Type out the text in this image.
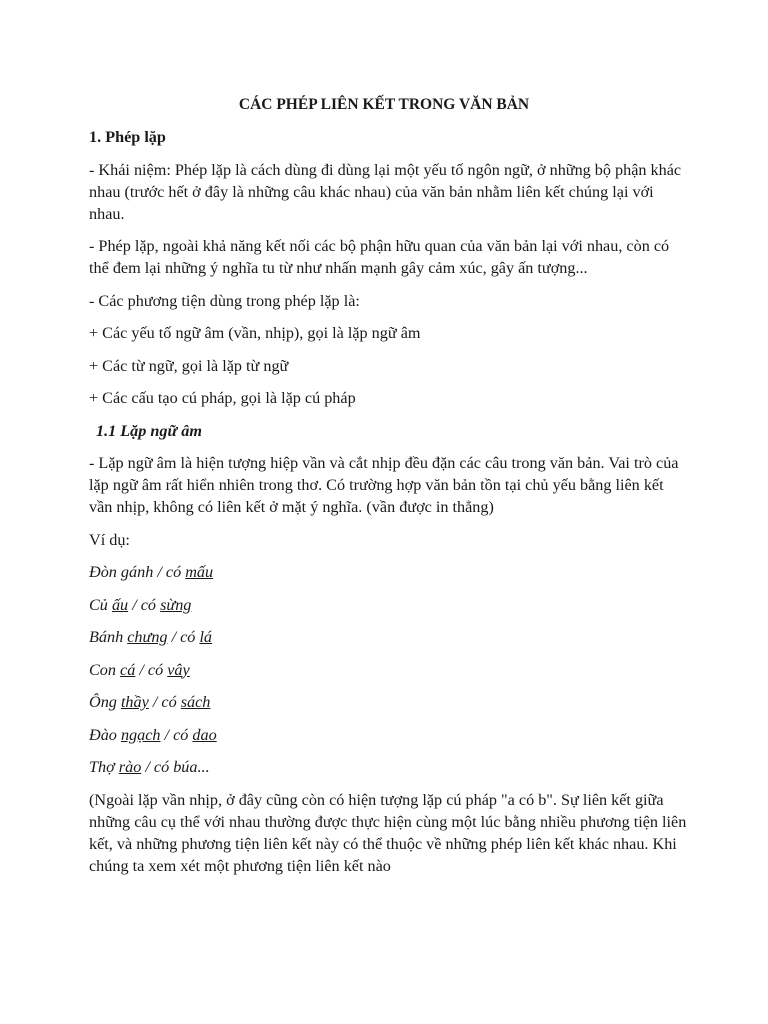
CÁC PHÉP LIÊN KẾT TRONG VĂN BẢN

1. Phép lặp

- Khái niệm: Phép lặp là cách dùng đi dùng lại một yếu tố ngôn ngữ, ở những bộ phận khác nhau (trước hết ở đây là những câu khác nhau) của văn bản nhằm liên kết chúng lại với nhau.

- Phép lặp, ngoài khả năng kết nối các bộ phận hữu quan của văn bản lại với nhau, còn có thể đem lại những ý nghĩa tu từ như nhấn mạnh gây cảm xúc, gây ấn tượng...

- Các phương tiện dùng trong phép lặp là:

+ Các yếu tố ngữ âm (vần, nhịp), gọi là lặp ngữ âm

+ Các từ ngữ, gọi là lặp từ ngữ

+ Các cấu tạo cú pháp, gọi là lặp cú pháp

1.1 Lặp ngữ âm

- Lặp ngữ âm là hiện tượng hiệp vần và cắt nhịp đều đặn các câu trong văn bản. Vai trò của lặp ngữ âm rất hiển nhiên trong thơ. Có trường hợp văn bản tồn tại chủ yếu bằng liên kết vần nhịp, không có liên kết ở mặt ý nghĩa. (vần được in thẳng)

Ví dụ:

Đòn gánh / có mấu

Củ ấu / có sừng

Bánh chưng / có lá

Con cá / có vây

Ông thầy / có sách

Đào ngạch / có dao

Thợ rào / có búa...

(Ngoài lặp vần nhịp, ở đây cũng còn có hiện tượng lặp cú pháp "a có b". Sự liên kết giữa những câu cụ thể với nhau thường được thực hiện cùng một lúc bằng nhiều phương tiện liên kết, và những phương tiện liên kết này có thể thuộc về những phép liên kết khác nhau. Khi chúng ta xem xét một phương tiện liên kết nào
